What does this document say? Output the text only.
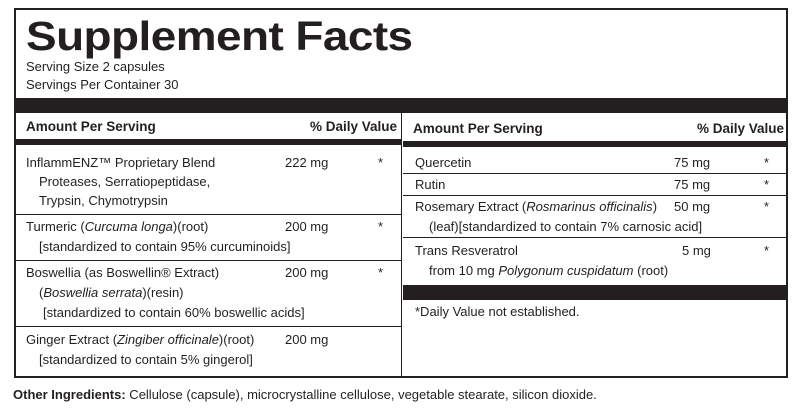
Supplement Facts
Serving Size 2 capsules
Servings Per Container 30
Amount Per Serving	% Daily Value
InflammENZ™ Proprietary Blend	222 mg	*
Proteases, Serratiopeptidase,
Trypsin, Chymotrypsin
Turmeric (Curcuma longa)(root)	200 mg	*
[standardized to contain 95% curcuminoids]
Boswellia (as Boswellin® Extract)	200 mg	*
(Boswellia serrata)(resin)
[standardized to contain 60% boswellic acids]
Ginger Extract (Zingiber officinale)(root) 200 mg
[standardized to contain 5% gingerol]
Amount Per Serving	% Daily Value
Quercetin	75 mg	*
Rutin	75 mg	*
Rosemary Extract (Rosmarinus officinalis) 50 mg	*
(leaf)[standardized to contain 7% carnosic acid]
Trans Resveratrol	5 mg	*
from 10 mg Polygonum cuspidatum (root)
*Daily Value not established.
Other Ingredients: Cellulose (capsule), microcrystalline cellulose, vegetable stearate, silicon dioxide.
